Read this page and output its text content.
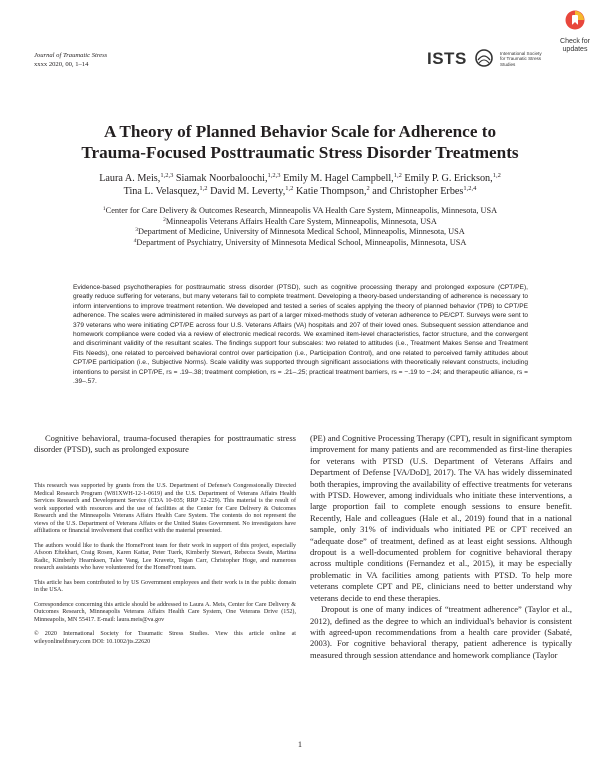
Journal of Traumatic Stress
xxxx 2020, 00, 1–14	ISTS	International Society
for Traumatic Stress Studies
Check for
updates
A Theory of Planned Behavior Scale for Adherence to
Trauma-Focused Posttraumatic Stress Disorder Treatments
Laura A. Meis,$^{1,2,3}$ Siamak Noorbaloochi,$^{1,2,3}$ Emily M. Hagel Campbell,$^{1,2}$ Emily P. G. Erickson,$^{1,2}$
Tina L. Velasquez,$^{1,2}$ David M. Leverty,$^{1,2}$ Katie Thompson,$^2$ and Christopher Erbes$^{1,2,4}$
$^1$Center for Care Delivery & Outcomes Research, Minneapolis VA Health Care System, Minneapolis, Minnesota, USA
$^2$Minneapolis Veterans Affairs Health Care System, Minneapolis, Minnesota, USA
$^3$Department of Medicine, University of Minnesota Medical School, Minneapolis, Minnesota, USA
$^4$Department of Psychiatry, University of Minnesota Medical School, Minneapolis, Minnesota, USA

Evidence-based psychotherapies for posttraumatic stress disorder (PTSD), such as cognitive processing therapy and prolonged exposure (CPT/PE), greatly reduce suffering for veterans, but many veterans fail to complete treatment. Developing a theory-based understanding of adherence is necessary to inform interventions to improve treatment retention. We developed and tested a series of scales applying the theory of planned behavior (TPB) to CPT/PE adherence. The scales were administered in mailed surveys as part of a larger mixed-methods study of veteran adherence to PE/CPT. Surveys were sent to 379 veterans who were initiating CPT/PE across four U.S. Veterans Affairs (VA) hospitals and 207 of their loved ones. Subsequent session attendance and homework compliance were coded via a review of electronic medical records. We examined item-level characteristics, factor structure, and the convergent and discriminant validity of the resultant scales. The findings support four subscales: two related to attitudes (i.e., Treatment Makes Sense and Treatment Fits Needs), one related to perceived behavioral control over participation (i.e., Participation Control), and one related to perceived family attitudes about CPT/PE participation (i.e., Subjective Norms). Scale validity was supported through significant associations with theoretically relevant constructs, including intentions to persist in CPT/PE, rs = .19–.38; treatment completion, rs = .21–.25; practical treatment barriers, rs = −.19 to −.24; and therapeutic alliance, rs = .39–.57.

Cognitive behavioral, trauma-focused therapies for posttraumatic stress disorder (PTSD), such as prolonged exposure

This research was supported by grants from the U.S. Department of Defense's Congressionally Directed Medical Research Program (W81XWH-12-1-0619) and the U.S. Department of Veterans Affairs Health Services Research and Development Service (CDA 10-035; RRP 12-229). This material is the result of work supported with resources and the use of facilities at the Center for Care Delivery & Outcomes Research and the Minneapolis Veterans Affairs Health Care System. The contents do not represent the views of the U.S. Department of Veterans Affairs or the United States Government. No investigators have affiliations or financial involvement that conflict with the material presented.

The authors would like to thank the HomeFront team for their work in support of this project, especially Afsoon Eftekhari, Craig Rosen, Karen Kattar, Peter Tuerk, Kimberly Stewart, Rebecca Swain, Martina Radic, Kimberly Hearnksen, Talee Vang, Lee Kravetz, Tegan Carr, Christopher Hoge, and numerous research assistants who have volunteered for the HomeFront team.

This article has been contributed to by US Government employees and their work is in the public domain in the USA.

Correspondence concerning this article should be addressed to Laura A. Meis, Center for Care Delivery & Outcomes Research, Minneapolis Veterans Affairs Health Care System, One Veterans Drive (152), Minneapolis, MN 55417. E-mail: laura.meis@va.gov

© 2020 International Society for Traumatic Stress Studies. View this article online at wileyonlinelibrary.com DOI: 10.1002/jts.22620

(PE) and Cognitive Processing Therapy (CPT), result in significant symptom improvement for many patients and are recommended as first-line therapies for veterans with PTSD (U.S. Department of Veterans Affairs and Department of Defense [VA/DoD], 2017). The VA has widely disseminated both therapies, improving the availability of effective treatments for veterans with PTSD. However, among individuals who initiate these interventions, a large proportion fail to complete enough sessions to ensure benefit. Recently, Hale and colleagues (Hale et al., 2019) found that in a national sample, only 31% of individuals who initiated PE or CPT received an “adequate dose” of treatment, defined as at least eight sessions. Although dropout is a well-documented problem for cognitive behavioral therapy across multiple conditions (Fernandez et al., 2015), it may be especially problematic in VA facilities among patients with PTSD. To help more veterans complete CPT and PE, clinicians need to better understand why veterans decide to end these therapies.

Dropout is one of many indices of “treatment adherence” (Taylor et al., 2012), defined as the degree to which an individual's behavior is consistent with agreed-upon recommendations from a health care provider (Sabaté, 2003). For cognitive behavioral therapy, patient adherence is typically measured through session attendance and homework compliance (Taylor

1
